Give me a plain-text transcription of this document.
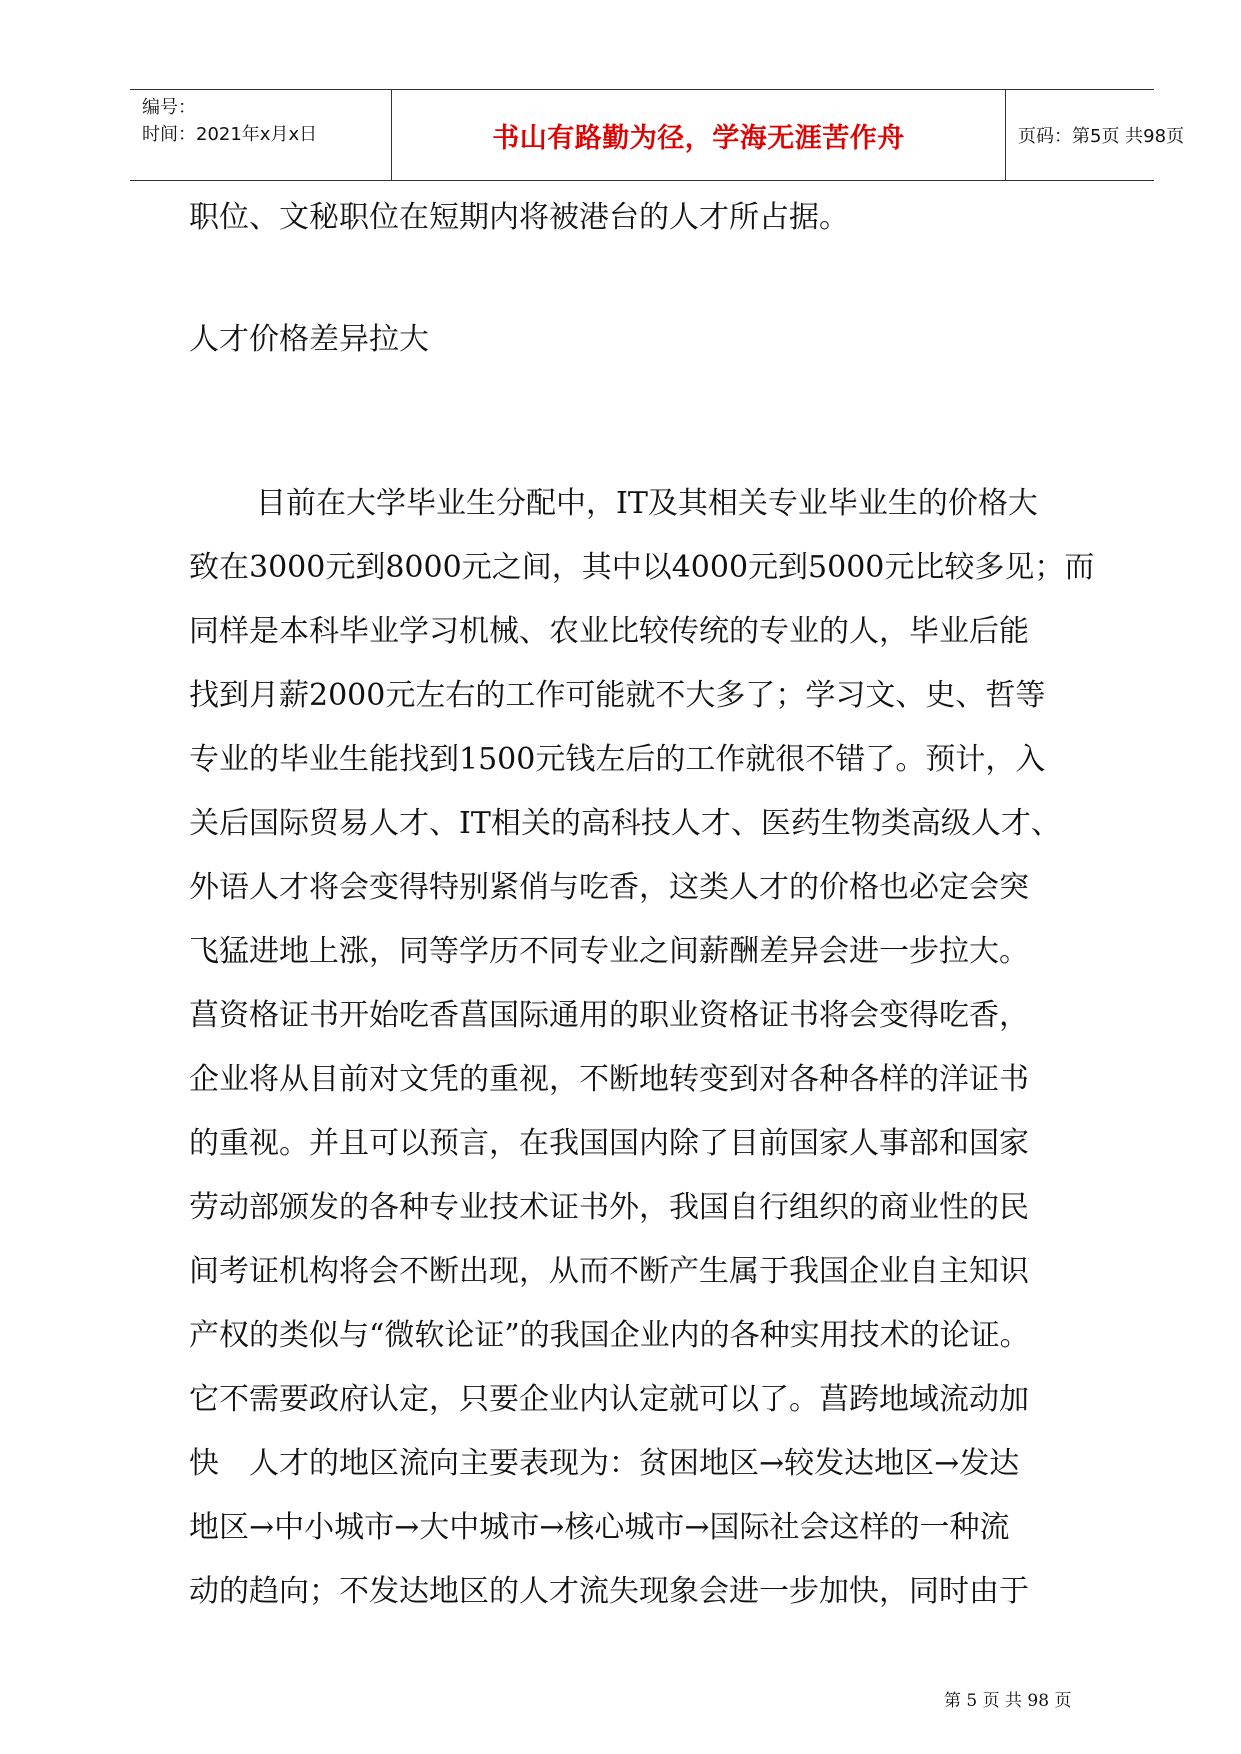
编号：
时间：2021年x月x日	书山有路勤为径，学海无涯苦作舟	页码：第5页 共98页
职位、文秘职位在短期内将被港台的人才所占据。
人才价格差异拉大
目前在大学毕业生分配中，IT及其相关专业毕业生的价格大
致在3000元到8000元之间，其中以4000元到5000元比较多见；而
同样是本科毕业学习机械、农业比较传统的专业的人，毕业后能
找到月薪2000元左右的工作可能就不大多了；学习文、史、哲等
专业的毕业生能找到1500元钱左后的工作就很不错了。预计，入
关后国际贸易人才、IT相关的高科技人才、医药生物类高级人才、
外语人才将会变得特别紧俏与吃香，这类人才的价格也必定会突
飞猛进地上涨，同等学历不同专业之间薪酬差异会进一步拉大。
菖资格证书开始吃香菖国际通用的职业资格证书将会变得吃香，
企业将从目前对文凭的重视，不断地转变到对各种各样的洋证书
的重视。并且可以预言，在我国国内除了目前国家人事部和国家
劳动部颁发的各种专业技术证书外，我国自行组织的商业性的民
间考证机构将会不断出现，从而不断产生属于我国企业自主知识
产权的类似与“微软论证”的我国企业内的各种实用技术的论证。
它不需要政府认定，只要企业内认定就可以了。菖跨地域流动加
快　人才的地区流向主要表现为：贫困地区→较发达地区→发达
地区→中小城市→大中城市→核心城市→国际社会这样的一种流
动的趋向；不发达地区的人才流失现象会进一步加快，同时由于
第 5 页 共 98 页
